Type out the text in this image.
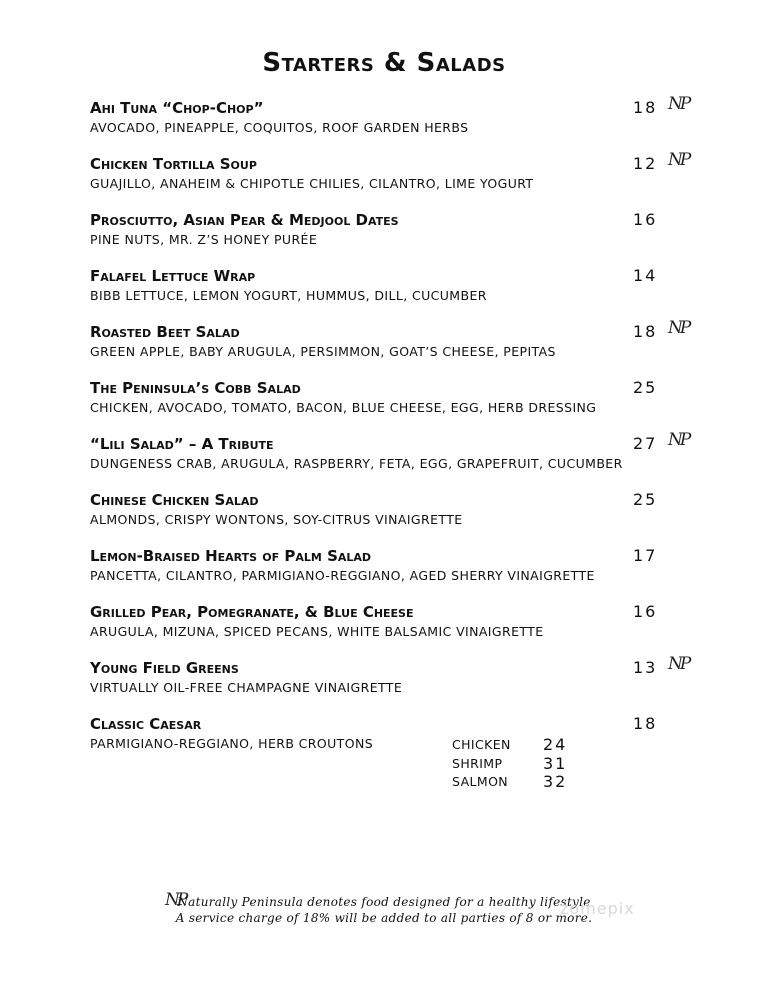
Starters & Salads
Ahi Tuna “Chop-Chop”
AVOCADO, PINEAPPLE, COQUITOS, ROOF GARDEN HERBS
18 NP
Chicken Tortilla Soup
GUAJILLO, ANAHEIM & CHIPOTLE CHILIES, CILANTRO, LIME YOGURT
12 NP
Prosciutto, Asian Pear & Medjool Dates
PINE NUTS, MR. Z’S HONEY PURÉE
16
Falafel Lettuce Wrap
BIBB LETTUCE, LEMON YOGURT, HUMMUS, DILL, CUCUMBER
14
Roasted Beet Salad
GREEN APPLE, BABY ARUGULA, PERSIMMON, GOAT’S CHEESE, PEPITAS
18 NP
The Peninsula’s Cobb Salad
CHICKEN, AVOCADO, TOMATO, BACON, BLUE CHEESE, EGG, HERB DRESSING
25
“Lili Salad” – A Tribute
DUNGENESS CRAB, ARUGULA, RASPBERRY, FETA, EGG, GRAPEFRUIT, CUCUMBER
27 NP
Chinese Chicken Salad
ALMONDS, CRISPY WONTONS, SOY-CITRUS VINAIGRETTE
25
Lemon-Braised Hearts of Palm Salad
PANCETTA, CILANTRO, PARMIGIANO-REGGIANO, AGED SHERRY VINAIGRETTE
17
Grilled Pear, Pomegranate, & Blue Cheese
ARUGULA, MIZUNA, SPICED PECANS, WHITE BALSAMIC VINAIGRETTE
16
Young Field Greens
VIRTUALLY OIL-FREE CHAMPAGNE VINAIGRETTE
13 NP
Classic Caesar
PARMIGIANO-REGGIANO, HERB CROUTONS
18
CHICKEN 24
SHRIMP	31
SALMON 32
NP
Naturally Peninsula denotes food designed for a healthy lifestyle
A service charge of 18% will be added to all parties of 8 or more.
zomepix
